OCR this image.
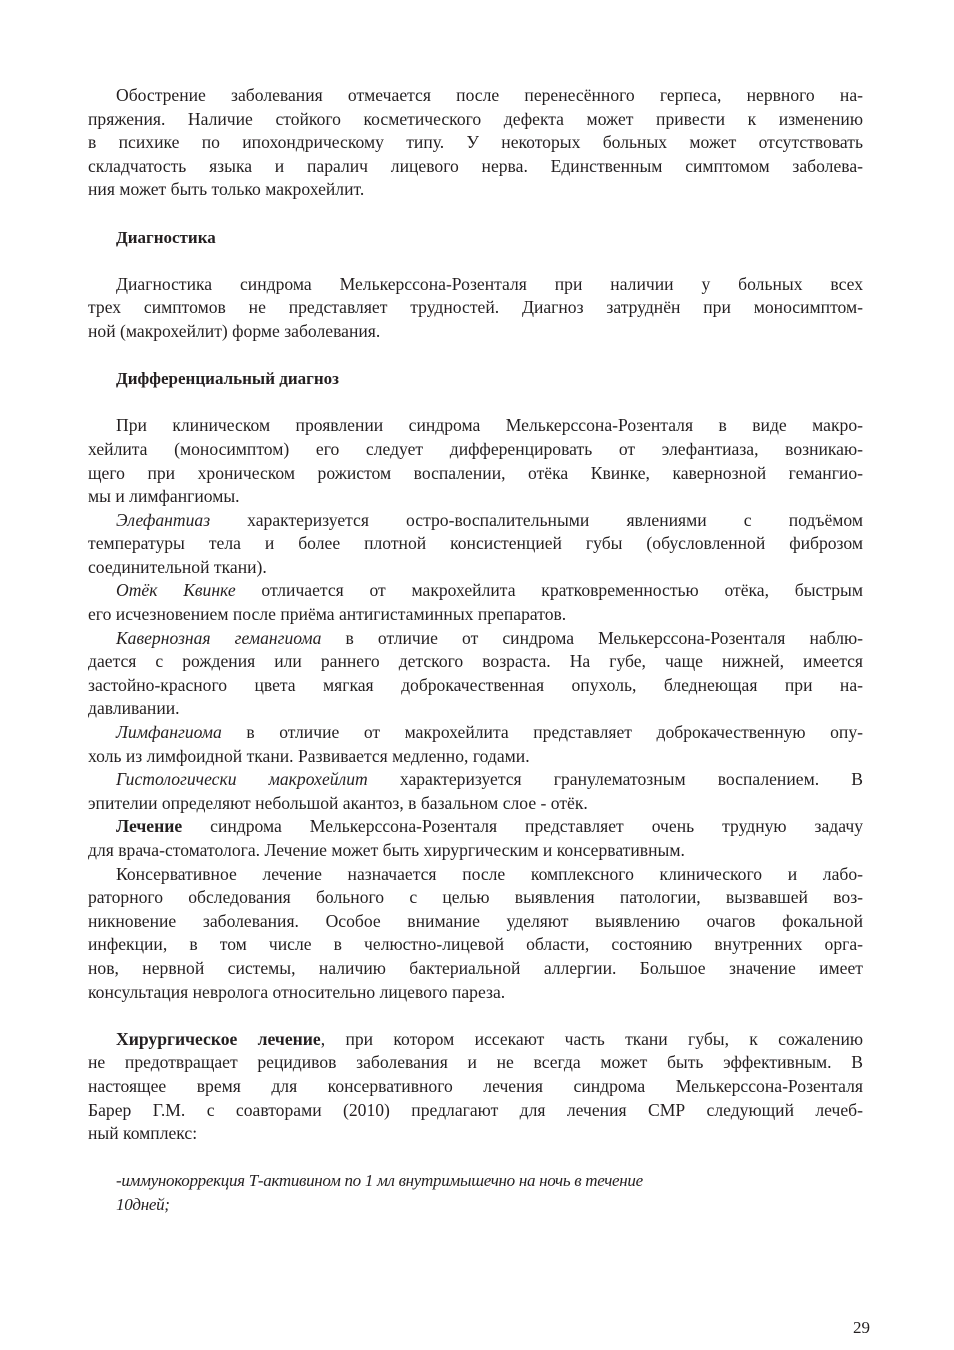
Обострение заболевания отмечается после перенесённого герпеса, нервного на-
пряжения. Наличие стойкого косметического дефекта может привести к изменению
в психике по ипохондрическому типу. У некоторых больных может отсутствовать
складчатость языка и паралич лицевого нерва. Единственным симптомом заболева-
ния может быть только макрохейлит.
Диагностика
Диагностика синдрома Мелькерссона-Розенталя при наличии у больных всех
трех симптомов не представляет трудностей. Диагноз затруднён при моносимптом-
ной (макрохейлит) форме заболевания.
Дифференциальный диагноз
При клиническом проявлении синдрома Мелькерссона-Розенталя в виде макро-
хейлита (моносимптом) его следует дифференцировать от элефантиаза, возникаю-
щего при хроническом рожистом воспалении, отёка Квинке, кавернозной гемангио-
мы и лимфангиомы.
Элефантиаз характеризуется остро-воспалительными явлениями с подъёмом
температуры тела и более плотной консистенцией губы (обусловленной фиброзом
соединительной ткани).
Отёк Квинке отличается от макрохейлита кратковременностью отёка, быстрым
его исчезновением после приёма антигистаминных препаратов.
Кавернозная гемангиома в отличие от синдрома Мелькерссона-Розенталя наблю-
дается с рождения или раннего детского возраста. На губе, чаще нижней, имеется
застойно-красного цвета мягкая доброкачественная опухоль, бледнеющая при на-
давливании.
Лимфангиома в отличие от макрохейлита представляет доброкачественную опу-
холь из лимфоидной ткани. Развивается медленно, годами.
Гистологически макрохейлит характеризуется гранулематозным воспалением. В
эпителии определяют небольшой акантоз, в базальном слое - отёк.
Лечение синдрома Мелькерссона-Розенталя представляет очень трудную задачу
для врача-стоматолога. Лечение может быть хирургическим и консервативным.
Консервативное лечение назначается после комплексного клинического и лабо-
раторного обследования больного с целью выявления патологии, вызвавшей воз-
никновение заболевания. Особое внимание уделяют выявлению очагов фокальной
инфекции, в том числе в челюстно-лицевой области, состоянию внутренних орга-
нов, нервной системы, наличию бактериальной аллергии. Большое значение имеет
консультация невролога относительно лицевого пареза.
Хирургическое лечение, при котором иссекают часть ткани губы, к сожалению
не предотвращает рецидивов заболевания и не всегда может быть эффективным. В
настоящее время для консервативного лечения синдрома Мелькерссона-Розенталя
Барер Г.М. с соавторами (2010) предлагают для лечения СМР следующий лечеб-
ный комплекс:
-иммунокоррекция Т-активином по 1 мл внутримышечно на ночь в течение
10дней;
29
